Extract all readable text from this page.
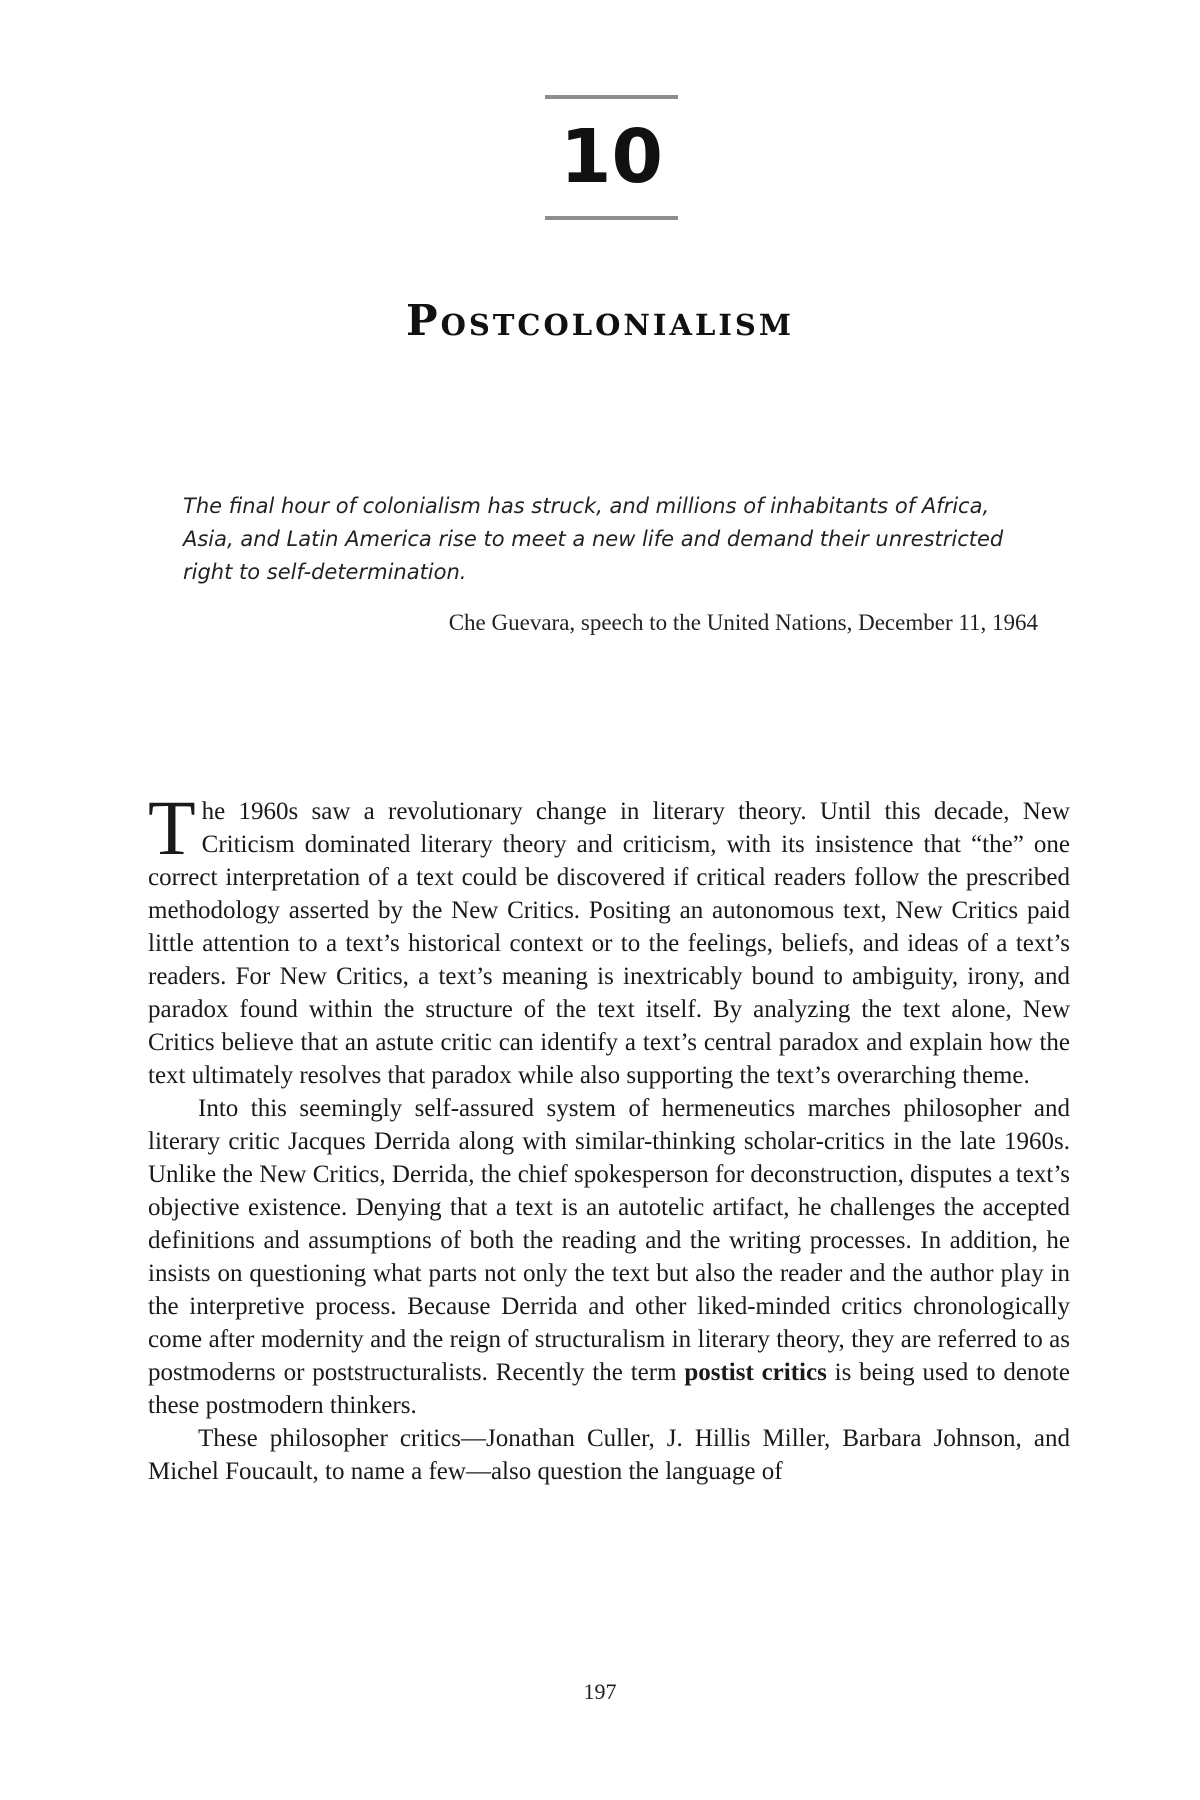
10
Postcolonialism
The final hour of colonialism has struck, and millions of inhabitants of Africa, Asia, and Latin America rise to meet a new life and demand their unrestricted right to self-determination.
Che Guevara, speech to the United Nations, December 11, 1964

The 1960s saw a revolutionary change in literary theory. Until this decade, New Criticism dominated literary theory and criticism, with its insistence that “the” one correct interpretation of a text could be discovered if critical readers follow the prescribed methodology asserted by the New Critics. Positing an autonomous text, New Critics paid little attention to a text’s historical context or to the feelings, beliefs, and ideas of a text’s readers. For New Critics, a text’s meaning is inextricably bound to ambiguity, irony, and paradox found within the structure of the text itself. By analyzing the text alone, New Critics believe that an astute critic can identify a text’s central paradox and explain how the text ultimately resolves that paradox while also supporting the text’s overarching theme.

Into this seemingly self-assured system of hermeneutics marches philosopher and literary critic Jacques Derrida along with similar-thinking scholar-critics in the late 1960s. Unlike the New Critics, Derrida, the chief spokesperson for deconstruction, disputes a text’s objective existence. Denying that a text is an autotelic artifact, he challenges the accepted definitions and assumptions of both the reading and the writing processes. In addition, he insists on questioning what parts not only the text but also the reader and the author play in the interpretive process. Because Derrida and other liked-minded critics chronologically come after modernity and the reign of structuralism in literary theory, they are referred to as postmoderns or poststructuralists. Recently the term postist critics is being used to denote these postmodern thinkers.

These philosopher critics—Jonathan Culler, J. Hillis Miller, Barbara Johnson, and Michel Foucault, to name a few—also question the language of

197
